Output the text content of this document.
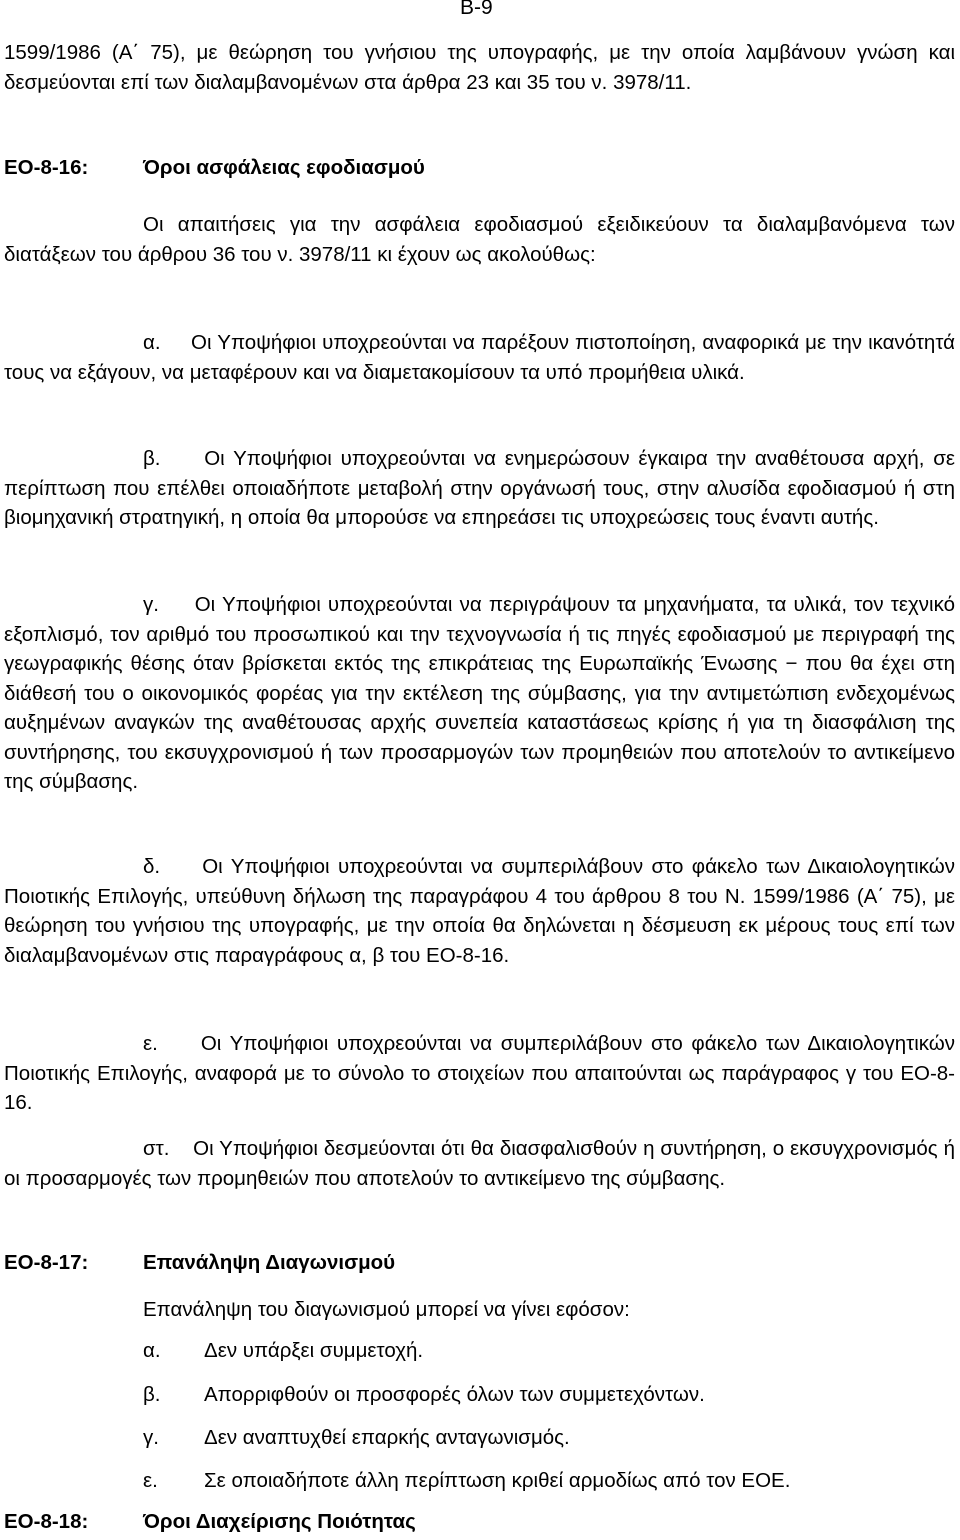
Β-9

1599/1986 (Α΄ 75), με θεώρηση του γνήσιου της υπογραφής, με την οποία λαμβάνουν γνώση και δεσμεύονται επί των διαλαμβανομένων στα άρθρα 23 και 35 του ν. 3978/11.

ΕΟ-8-16:	Όροι ασφάλειας εφοδιασμού

Οι απαιτήσεις για την ασφάλεια εφοδιασμού εξειδικεύουν τα διαλαμβανόμενα των διατάξεων του άρθρου 36 του ν. 3978/11 κι έχουν ως ακολούθως:

α. Οι Υποψήφιοι υποχρεούνται να παρέξουν πιστοποίηση, αναφορικά με την ικανότητά τους να εξάγουν, να μεταφέρουν και να διαμετακομίσουν τα υπό προμήθεια υλικά.

β. Οι Υποψήφιοι υποχρεούνται να ενημερώσουν έγκαιρα την αναθέτουσα αρχή, σε περίπτωση που επέλθει οποιαδήποτε μεταβολή στην οργάνωσή τους, στην αλυσίδα εφοδιασμού ή στη βιομηχανική στρατηγική, η οποία θα μπορούσε να επηρεάσει τις υποχρεώσεις τους έναντι αυτής.

γ. Οι Υποψήφιοι υποχρεούνται να περιγράψουν τα μηχανήματα, τα υλικά, τον τεχνικό εξοπλισμό, τον αριθμό του προσωπικού και την τεχνογνωσία ή τις πηγές εφοδιασμού με περιγραφή της γεωγραφικής θέσης όταν βρίσκεται εκτός της επικράτειας της Ευρωπαϊκής Ένωσης − που θα έχει στη διάθεσή του ο οικονομικός φορέας για την εκτέλεση της σύμβασης, για την αντιμετώπιση ενδεχομένως αυξημένων αναγκών της αναθέτουσας αρχής συνεπεία καταστάσεως κρίσης ή για τη διασφάλιση της συντήρησης, του εκσυγχρονισμού ή των προσαρμογών των προμηθειών που αποτελούν το αντικείμενο της σύμβασης.

δ. Οι Υποψήφιοι υποχρεούνται να συμπεριλάβουν στο φάκελο των Δικαιολογητικών Ποιοτικής Επιλογής, υπεύθυνη δήλωση της παραγράφου 4 του άρθρου 8 του Ν. 1599/1986 (Α΄ 75), με θεώρηση του γνήσιου της υπογραφής, με την οποία θα δηλώνεται η δέσμευση εκ μέρους τους επί των διαλαμβανομένων στις παραγράφους α, β του ΕΟ-8-16.

ε. Οι Υποψήφιοι υποχρεούνται να συμπεριλάβουν στο φάκελο των Δικαιολογητικών Ποιοτικής Επιλογής, αναφορά με το σύνολο το στοιχείων που απαιτούνται ως παράγραφος γ του ΕΟ-8-16.

στ. Οι Υποψήφιοι δεσμεύονται ότι θα διασφαλισθούν η συντήρηση, ο εκσυγχρονισμός ή οι προσαρμογές των προμηθειών που αποτελούν το αντικείμενο της σύμβασης.

ΕΟ-8-17:	Επανάληψη Διαγωνισμού
Επανάληψη του διαγωνισμού μπορεί να γίνει εφόσον:
α. Δεν υπάρξει συμμετοχή.
β. Απορριφθούν οι προσφορές όλων των συμμετεχόντων.
γ. Δεν αναπτυχθεί επαρκής ανταγωνισμός.
ε. Σε οποιαδήποτε άλλη περίπτωση κριθεί αρμοδίως από τον ΕΟΕ.
ΕΟ-8-18:	Όροι Διαχείρισης Ποιότητας
